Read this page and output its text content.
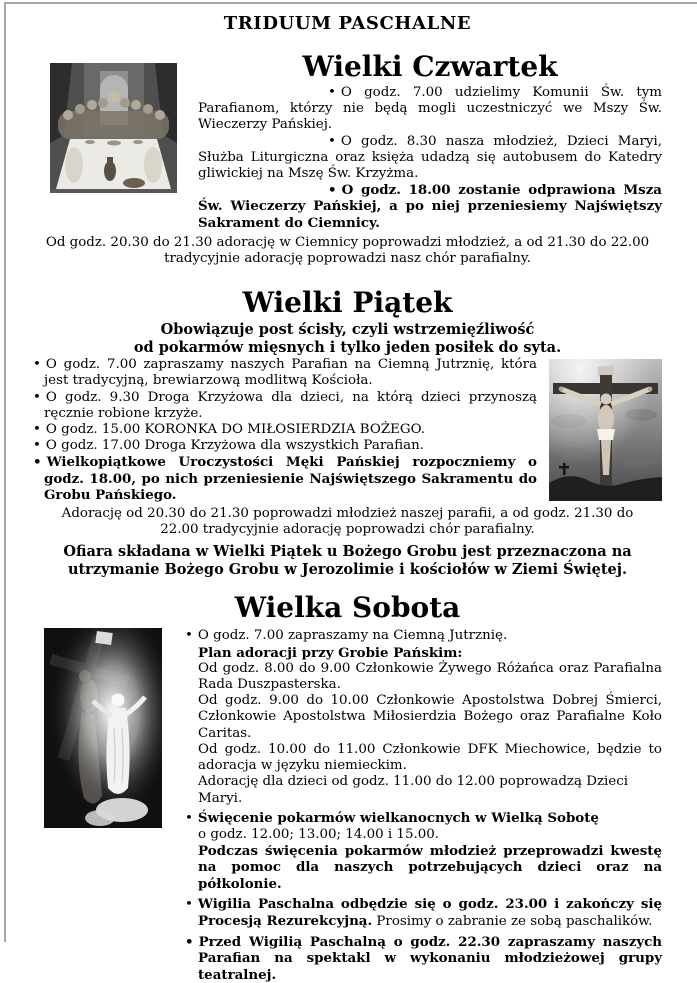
TRIDUUM PASCHALNE
Wielki Czwartek

• O godz. 7.00 udzielimy Komunii Św. tym Parafianom, którzy nie będą mogli uczestniczyć we Mszy Św. Wieczerzy Pańskiej.

• O godz. 8.30 nasza młodzież, Dzieci Maryi, Służba Liturgiczna oraz księża udadzą się autobusem do Katedry gliwickiej na Mszę Św. Krzyżma.

• O godz. 18.00 zostanie odprawiona Msza Św. Wieczerzy Pańskiej, a po niej przeniesiemy Najświętszy Sakrament do Ciemnicy.

Od godz. 20.30 do 21.30 adorację w Ciemnicy poprowadzi młodzież, a od 21.30 do 22.00 tradycyjnie adorację poprowadzi nasz chór parafialny.

Wielki Piątek

Obowiązuje post ścisły, czyli wstrzemięźliwość

od pokarmów mięsnych i tylko jeden posiłek do syta.

• O godz. 7.00 zapraszamy naszych Parafian na Ciemną Jutrznię, która jest tradycyjną, brewiarzową modlitwą Kościoła.

• O godz. 9.30 Droga Krzyżowa dla dzieci, na którą dzieci przynoszą ręcznie robione krzyże.

• O godz. 15.00 KORONKA DO MIŁOSIERDZIA BOŻEGO.

• O godz. 17.00 Droga Krzyżowa dla wszystkich Parafian.

• Wielkopiątkowe Uroczystości Męki Pańskiej rozpoczniemy o godz. 18.00, po nich przeniesienie Najświętszego Sakramentu do Grobu Pańskiego.

Adorację od 20.30 do 21.30 poprowadzi młodzież naszej parafii, a od godz. 21.30 do 22.00 tradycyjnie adorację poprowadzi chór parafialny.

Ofiara składana w Wielki Piątek u Bożego Grobu jest przeznaczona na utrzymanie Bożego Grobu w Jerozolimie i kościołów w Ziemi Świętej.

Wielka Sobota

• O godz. 7.00 zapraszamy na Ciemną Jutrznię.

Plan adoracji przy Grobie Pańskim:

Od godz. 8.00 do 9.00 Członkowie Żywego Różańca oraz Parafialna Rada Duszpasterska.

Od godz. 9.00 do 10.00 Członkowie Apostolstwa Dobrej Śmierci, Członkowie Apostolstwa Miłosierdzia Bożego oraz Parafialne Koło Caritas.

Od godz. 10.00 do 11.00 Członkowie DFK Miechowice, będzie to adoracja w języku niemieckim.

Adorację dla dzieci od godz. 11.00 do 12.00 poprowadzą Dzieci Maryi.

• Święcenie pokarmów wielkanocnych w Wielką Sobotę
o godz. 12.00; 13.00; 14.00 i 15.00.

Podczas święcenia pokarmów młodzież przeprowadzi kwestę na pomoc dla naszych potrzebujących dzieci oraz na półkolonie.

• Wigilia Paschalna odbędzie się o godz. 23.00 i zakończy się Procesją Rezurekcyjną. Prosimy o zabranie ze sobą paschalików.

• Przed Wigilią Paschalną o godz. 22.30 zapraszamy naszych Parafian na spektakl w wykonaniu młodzieżowej grupy teatralnej.
